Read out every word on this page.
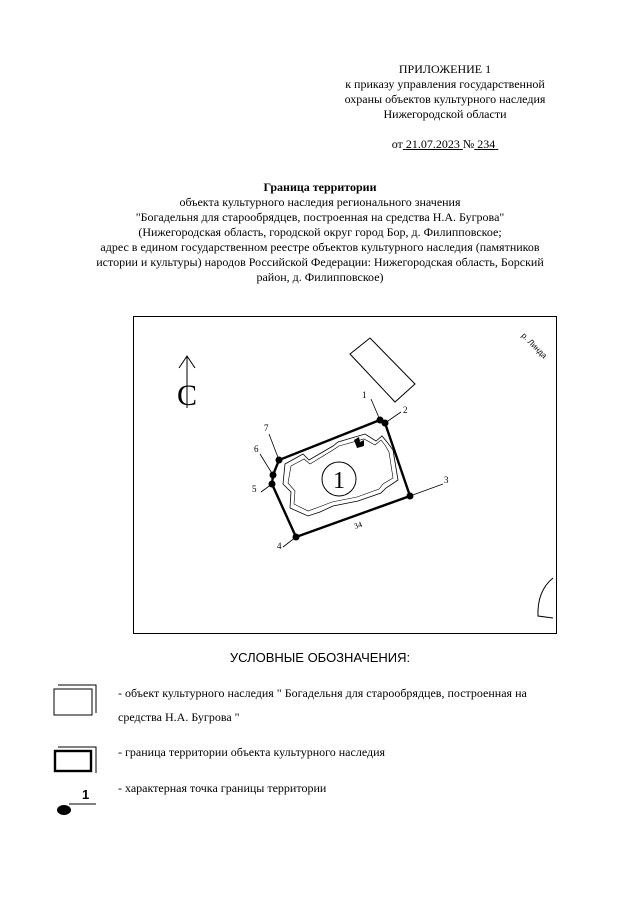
ПРИЛОЖЕНИЕ 1
к приказу управления государственной
охраны объектов культурного наследия
Нижегородской области
от 21.07.2023 № 234
Граница территории
объекта культурного наследия регионального значения
"Богадельня для старообрядцев, построенная на средства Н.А. Бугрова"
(Нижегородская область, городской округ город Бор, д. Филипповское;
адрес в едином государственном реестре объектов культурного наследия (памятников
истории и культуры) народов Российской Федерации: Нижегородская область, Борский
район, д. Филипповское)
С
р. Линда
1
1
2
3
4
5
6
7
34
УСЛОВНЫЕ ОБОЗНАЧЕНИЯ:
- объект культурного наследия " Богадельня для старообрядцев, построенная на
средства Н.А. Бугрова "
- граница территории объекта культурного наследия
1 - характерная точка границы территории
